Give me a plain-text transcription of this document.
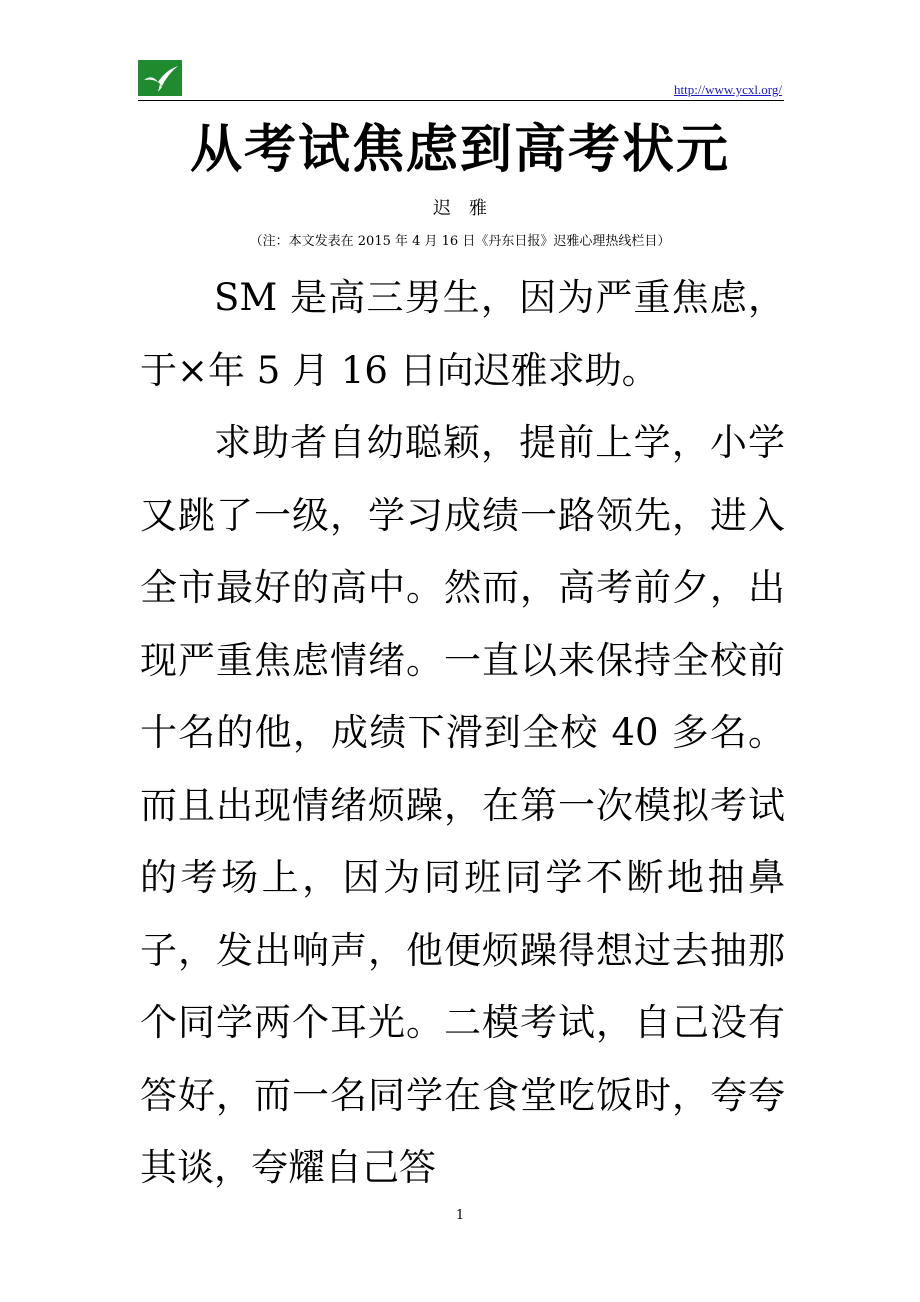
http://www.ycxl.org/
从考试焦虑到高考状元
迟　雅
（注：本文发表在 2015 年 4 月 16 日《丹东日报》迟雅心理热线栏目）

SM 是高三男生，因为严重焦虑，于×年 5 月 16 日向迟雅求助。

求助者自幼聪颖，提前上学，小学又跳了一级，学习成绩一路领先，进入全市最好的高中。然而，高考前夕，出现严重焦虑情绪。一直以来保持全校前十名的他，成绩下滑到全校 40 多名。而且出现情绪烦躁，在第一次模拟考试的考场上，因为同班同学不断地抽鼻子，发出响声，他便烦躁得想过去抽那个同学两个耳光。二模考试，自己没有答好，而一名同学在食堂吃饭时，夸夸其谈，夸耀自己答

1
